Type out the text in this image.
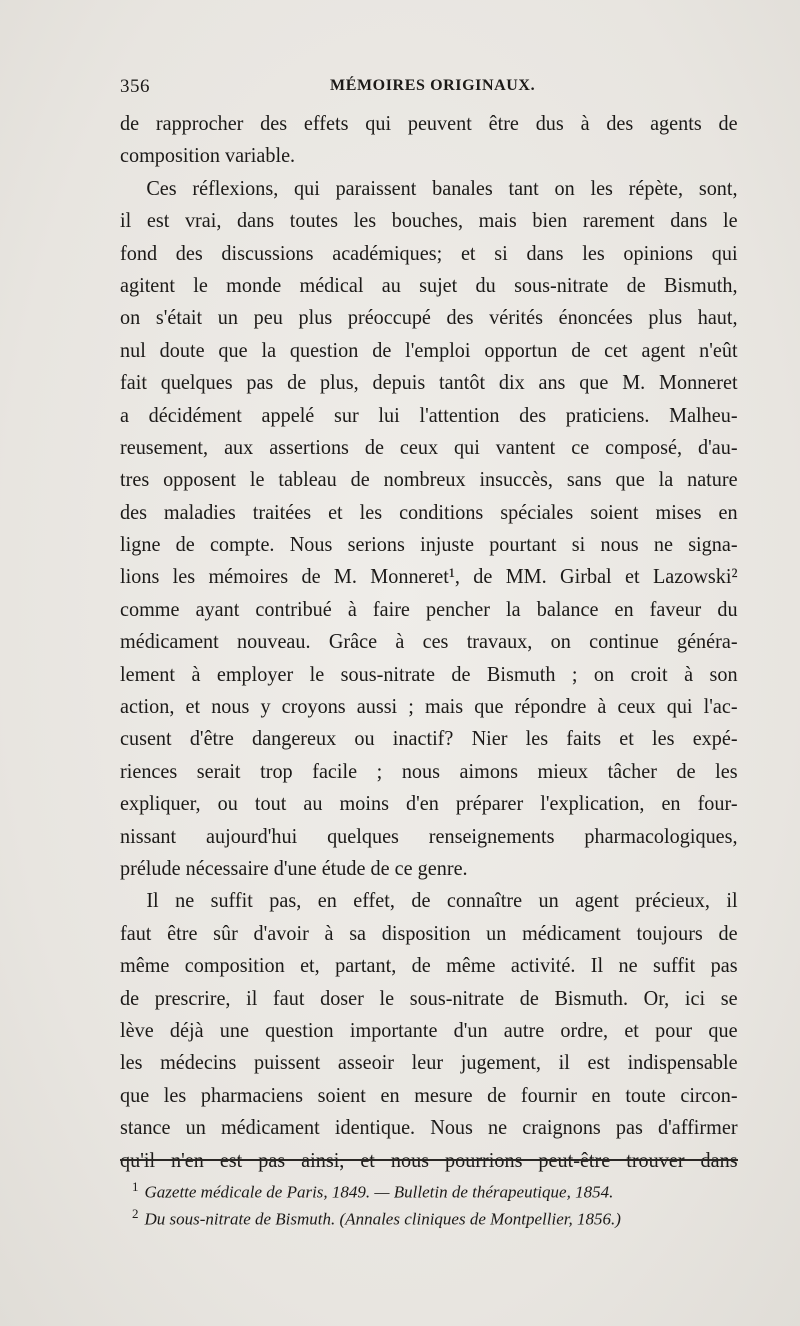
356	MÉMOIRES ORIGINAUX.
de rapprocher des effets qui peuvent être dus à des agents de
composition variable.
Ces réflexions, qui paraissent banales tant on les répète, sont,
il est vrai, dans toutes les bouches, mais bien rarement dans le
fond des discussions académiques; et si dans les opinions qui
agitent le monde médical au sujet du sous-nitrate de Bismuth,
on s'était un peu plus préoccupé des vérités énoncées plus haut,
nul doute que la question de l'emploi opportun de cet agent n'eût
fait quelques pas de plus, depuis tantôt dix ans que M. Monneret
a décidément appelé sur lui l'attention des praticiens. Malheu-
reusement, aux assertions de ceux qui vantent ce composé, d'au-
tres opposent le tableau de nombreux insuccès, sans que la nature
des maladies traitées et les conditions spéciales soient mises en
ligne de compte. Nous serions injuste pourtant si nous ne signa-
lions les mémoires de M. Monneret¹, de MM. Girbal et Lazowski²
comme ayant contribué à faire pencher la balance en faveur du
médicament nouveau. Grâce à ces travaux, on continue généra-
lement à employer le sous-nitrate de Bismuth ; on croit à son
action, et nous y croyons aussi ; mais que répondre à ceux qui l'ac-
cusent d'être dangereux ou inactif? Nier les faits et les expé-
riences serait trop facile ; nous aimons mieux tâcher de les
expliquer, ou tout au moins d'en préparer l'explication, en four-
nissant aujourd'hui quelques renseignements pharmacologiques,
prélude nécessaire d'une étude de ce genre.
Il ne suffit pas, en effet, de connaître un agent précieux, il
faut être sûr d'avoir à sa disposition un médicament toujours de
même composition et, partant, de même activité. Il ne suffit pas
de prescrire, il faut doser le sous-nitrate de Bismuth. Or, ici se
lève déjà une question importante d'un autre ordre, et pour que
les médecins puissent asseoir leur jugement, il est indispensable
que les pharmaciens soient en mesure de fournir en toute circon-
stance un médicament identique. Nous ne craignons pas d'affirmer
qu'il n'en est pas ainsi, et nous pourrions peut-être trouver dans
$^1$ Gazette médicale de Paris, 1849. — Bulletin de thérapeutique, 1854.
$^2$ Du sous-nitrate de Bismuth. (Annales cliniques de Montpellier, 1856.)
